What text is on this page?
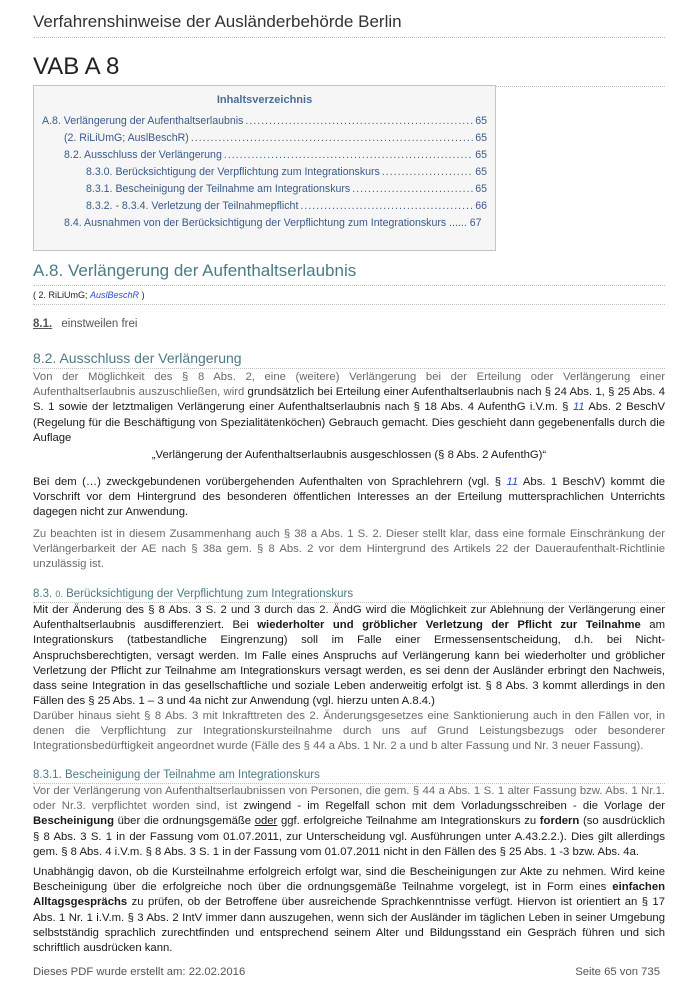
Verfahrenshinweise der Ausländerbehörde Berlin
VAB A 8
Inhaltsverzeichnis
A.8. Verlängerung der Aufenthaltserlaubnis .....	65
(2. RiLiUmG; AuslBeschR) .....	65
8.2. Ausschluss der Verlängerung .....	65
8.3.0. Berücksichtigung der Verpflichtung zum Integrationskurs .....	65
8.3.1. Bescheinigung der Teilnahme am Integrationskurs .....	65
8.3.2. - 8.3.4. Verletzung der Teilnahmepflicht .....	66
8.4. Ausnahmen von der Berücksichtigung der Verpflichtung zum Integrationskurs ...... 67
A.8. Verlängerung der Aufenthaltserlaubnis
( 2. RiLiUmG; AuslBeschR )
8.1. einstweilen frei
8.2. Ausschluss der Verlängerung
Von der Möglichkeit des § 8 Abs. 2, eine (weitere) Verlängerung bei der Erteilung oder Verlängerung einer Aufenthaltserlaubnis auszuschließen, wird grundsätzlich bei Erteilung einer Aufenthaltserlaubnis nach § 24 Abs. 1, § 25 Abs. 4 S. 1 sowie der letztmaligen Verlängerung einer Aufenthaltserlaubnis nach § 18 Abs. 4 AufenthG i.V.m. § 11 Abs. 2 BeschV (Regelung für die Beschäftigung von Spezialitätenköchen) Gebrauch gemacht. Dies geschieht dann gegebenenfalls durch die Auflage
„Verlängerung der Aufenthaltserlaubnis ausgeschlossen (§ 8 Abs. 2 AufenthG)“
Bei dem (…) zweckgebundenen vorübergehenden Aufenthalten von Sprachlehrern (vgl. § 11 Abs. 1 BeschV) kommt die Vorschrift vor dem Hintergrund des besonderen öffentlichen Interesses an der Erteilung muttersprachlichen Unterrichts dagegen nicht zur Anwendung.
Zu beachten ist in diesem Zusammenhang auch § 38 a Abs. 1 S. 2. Dieser stellt klar, dass eine formale Einschränkung der Verlängerbarkeit der AE nach § 38a gem. § 8 Abs. 2 vor dem Hintergrund des Artikels 22 der Daueraufenthalt-Richtlinie unzulässig ist.
8.3. 0. Berücksichtigung der Verpflichtung zum Integrationskurs
Mit der Änderung des § 8 Abs. 3 S. 2 und 3 durch das 2. ÄndG wird die Möglichkeit zur Ablehnung der Verlängerung einer Aufenthaltserlaubnis ausdifferenziert. Bei wiederholter und gröblicher Verletzung der Pflicht zur Teilnahme am Integrationskurs (tatbestandliche Eingrenzung) soll im Falle einer Ermessensentscheidung, d.h. bei Nicht-Anspruchsberechtigten, versagt werden. Im Falle eines Anspruchs auf Verlängerung kann bei wiederholter und gröblicher Verletzung der Pflicht zur Teilnahme am Integrationskurs versagt werden, es sei denn der Ausländer erbringt den Nachweis, dass seine Integration in das gesellschaftliche und soziale Leben anderweitig erfolgt ist. § 8 Abs. 3 kommt allerdings in den Fällen des § 25 Abs. 1 – 3 und 4a nicht zur Anwendung (vgl. hierzu unten A.8.4.)
Darüber hinaus sieht § 8 Abs. 3 mit Inkrafttreten des 2. Änderungsgesetzes eine Sanktionierung auch in den Fällen vor, in denen die Verpflichtung zur Integrationskursteilnahme durch uns auf Grund Leistungsbezugs oder besonderer Integrationsbedürftigkeit angeordnet wurde (Fälle des § 44 a Abs. 1 Nr. 2 a und b alter Fassung und Nr. 3 neuer Fassung).
8.3.1. Bescheinigung der Teilnahme am Integrationskurs
Vor der Verlängerung von Aufenthaltserlaubnissen von Personen, die gem. § 44 a Abs. 1 S. 1 alter Fassung bzw. Abs. 1 Nr.1. oder Nr.3. verpflichtet worden sind, ist zwingend - im Regelfall schon mit dem Vorladungsschreiben - die Vorlage der Bescheinigung über die ordnungsgemäße oder ggf. erfolgreiche Teilnahme am Integrationskurs zu fordern (so ausdrücklich § 8 Abs. 3 S. 1 in der Fassung vom 01.07.2011, zur Unterscheidung vgl. Ausführungen unter A.43.2.2.). Dies gilt allerdings gem. § 8 Abs. 4 i.V.m. § 8 Abs. 3 S. 1 in der Fassung vom 01.07.2011 nicht in den Fällen des § 25 Abs. 1 -3 bzw. Abs. 4a.
Unabhängig davon, ob die Kursteilnahme erfolgreich erfolgt war, sind die Bescheinigungen zur Akte zu nehmen. Wird keine Bescheinigung über die erfolgreiche noch über die ordnungsgemäße Teilnahme vorgelegt, ist in Form eines einfachen Alltagsgesprächs zu prüfen, ob der Betroffene über ausreichende Sprachkenntnisse verfügt. Hiervon ist orientiert an § 17 Abs. 1 Nr. 1 i.V.m. § 3 Abs. 2 IntV immer dann auszugehen, wenn sich der Ausländer im täglichen Leben in seiner Umgebung selbstständig sprachlich zurechtfinden und entsprechend seinem Alter und Bildungsstand ein Gespräch führen und sich schriftlich ausdrücken kann.
Dieses PDF wurde erstellt am: 22.02.2016	Seite 65 von 735
